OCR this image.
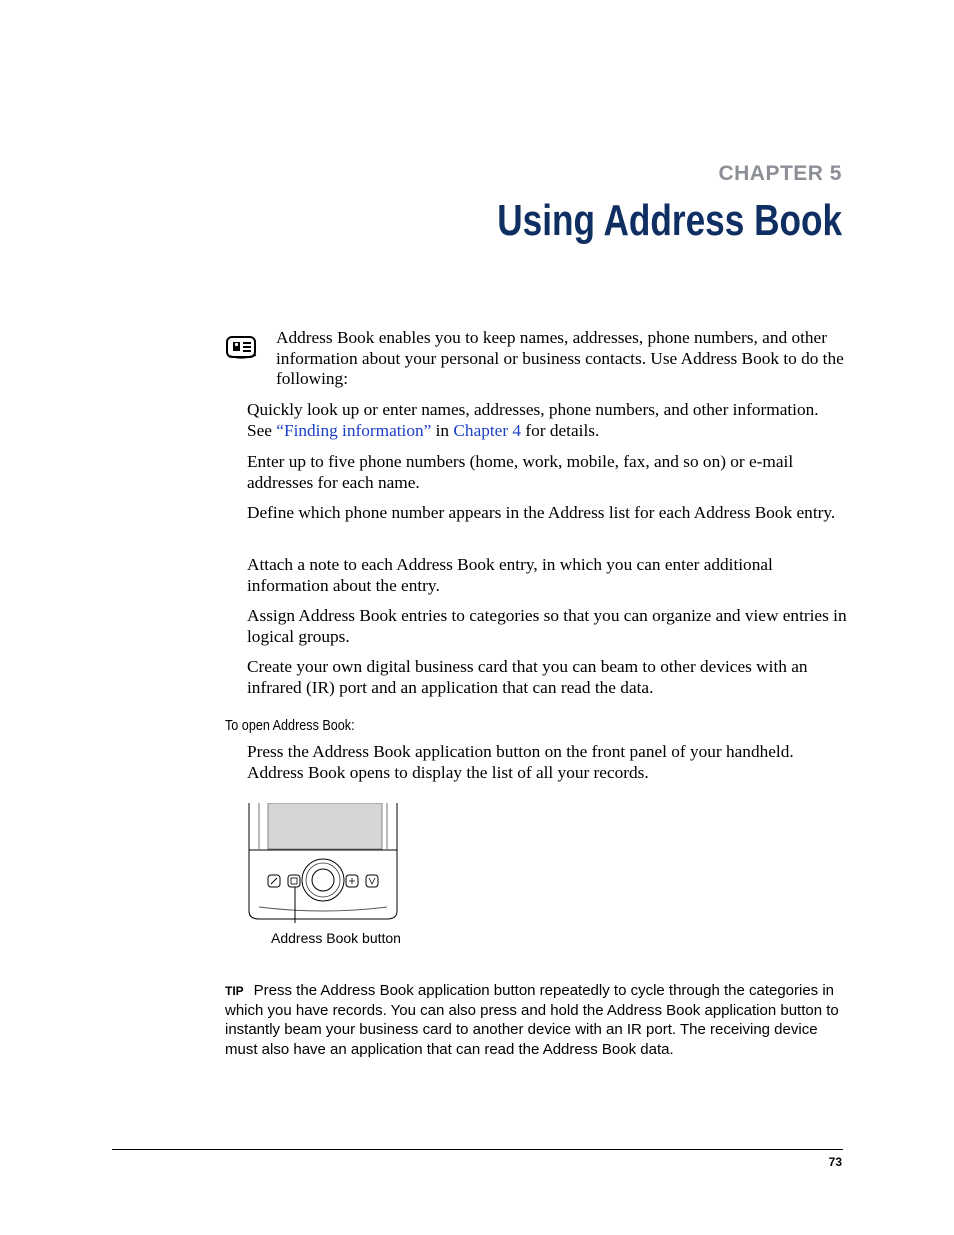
CHAPTER 5
Using Address Book

Address Book enables you to keep names, addresses, phone numbers, and other information about your personal or business contacts. Use Address Book to do the following:

Quickly look up or enter names, addresses, phone numbers, and other information. See “Finding information” in Chapter 4 for details.

Enter up to five phone numbers (home, work, mobile, fax, and so on) or e-mail addresses for each name.

Define which phone number appears in the Address list for each Address Book entry.

Attach a note to each Address Book entry, in which you can enter additional information about the entry.

Assign Address Book entries to categories so that you can organize and view entries in logical groups.

Create your own digital business card that you can beam to other devices with an infrared (IR) port and an application that can read the data.

To open Address Book:

Press the Address Book application button on the front panel of your handheld. Address Book opens to display the list of all your records.

Address Book button

TIP Press the Address Book application button repeatedly to cycle through the categories in which you have records. You can also press and hold the Address Book application button to instantly beam your business card to another device with an IR port. The receiving device must also have an application that can read the Address Book data.

73
